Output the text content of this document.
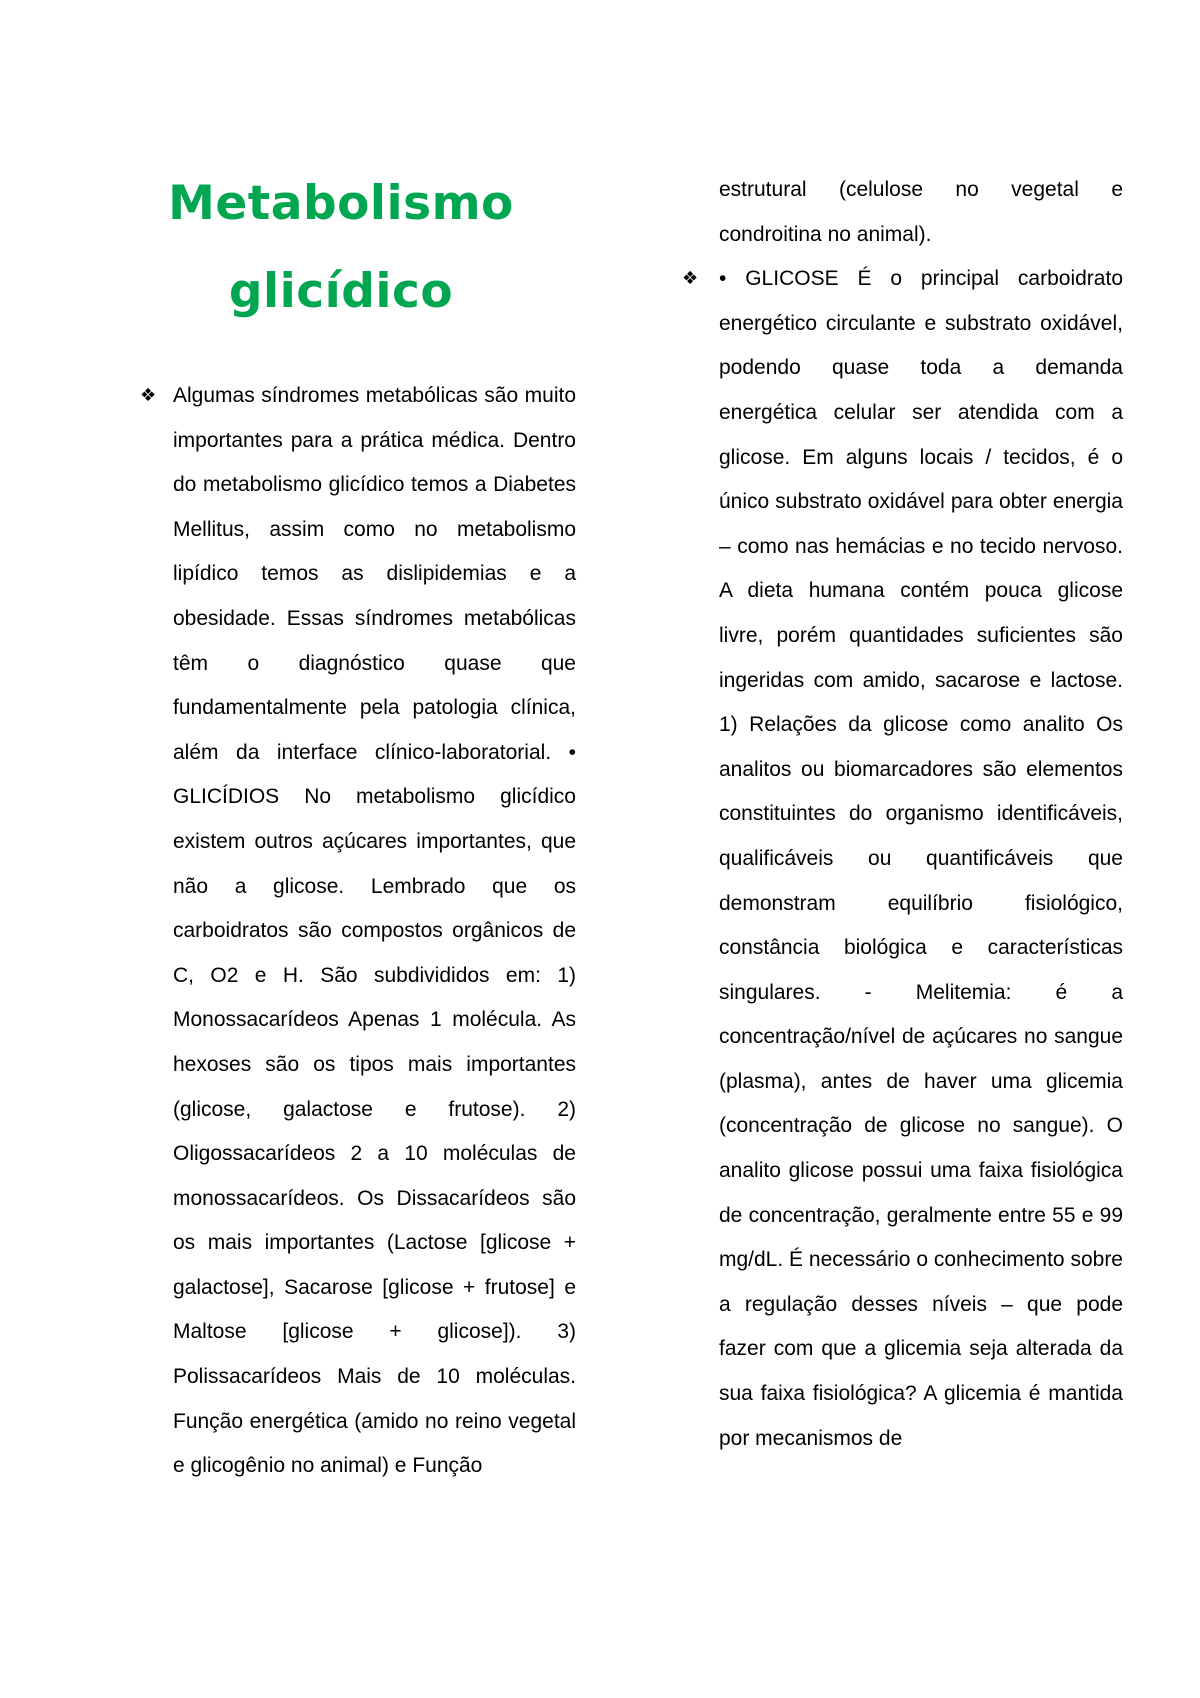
Metabolismo
glicídico
❖ Algumas síndromes metabólicas são muito importantes para a prática médica. Dentro do metabolismo glicídico temos a Diabetes Mellitus, assim como no metabolismo lipídico temos as dislipidemias e a obesidade. Essas síndromes metabólicas têm o diagnóstico quase que fundamentalmente pela patologia clínica, além da interface clínico-laboratorial. • GLICÍDIOS No metabolismo glicídico existem outros açúcares importantes, que não a glicose. Lembrado que os carboidratos são compostos orgânicos de C, O2 e H. São subdivididos em: 1) Monossacarídeos Apenas 1 molécula. As hexoses são os tipos mais importantes (glicose, galactose e frutose). 2) Oligossacarídeos 2 a 10 moléculas de monossacarídeos. Os Dissacarídeos são os mais importantes (Lactose [glicose + galactose], Sacarose [glicose + frutose] e Maltose [glicose + glicose]). 3) Polissacarídeos Mais de 10 moléculas. Função energética (amido no reino vegetal e glicogênio no animal) e Função

estrutural (celulose no vegetal e condroitina no animal).

❖ • GLICOSE É o principal carboidrato energético circulante e substrato oxidável, podendo quase toda a demanda energética celular ser atendida com a glicose. Em alguns locais / tecidos, é o único substrato oxidável para obter energia – como nas hemácias e no tecido nervoso. A dieta humana contém pouca glicose livre, porém quantidades suficientes são ingeridas com amido, sacarose e lactose. 1) Relações da glicose como analito Os analitos ou biomarcadores são elementos constituintes do organismo identificáveis, qualificáveis ou quantificáveis que demonstram equilíbrio fisiológico, constância biológica e características singulares. - Melitemia: é a concentração/nível de açúcares no sangue (plasma), antes de haver uma glicemia (concentração de glicose no sangue). O analito glicose possui uma faixa fisiológica de concentração, geralmente entre 55 e 99 mg/dL. É necessário o conhecimento sobre a regulação desses níveis – que pode fazer com que a glicemia seja alterada da sua faixa fisiológica? A glicemia é mantida por mecanismos de
